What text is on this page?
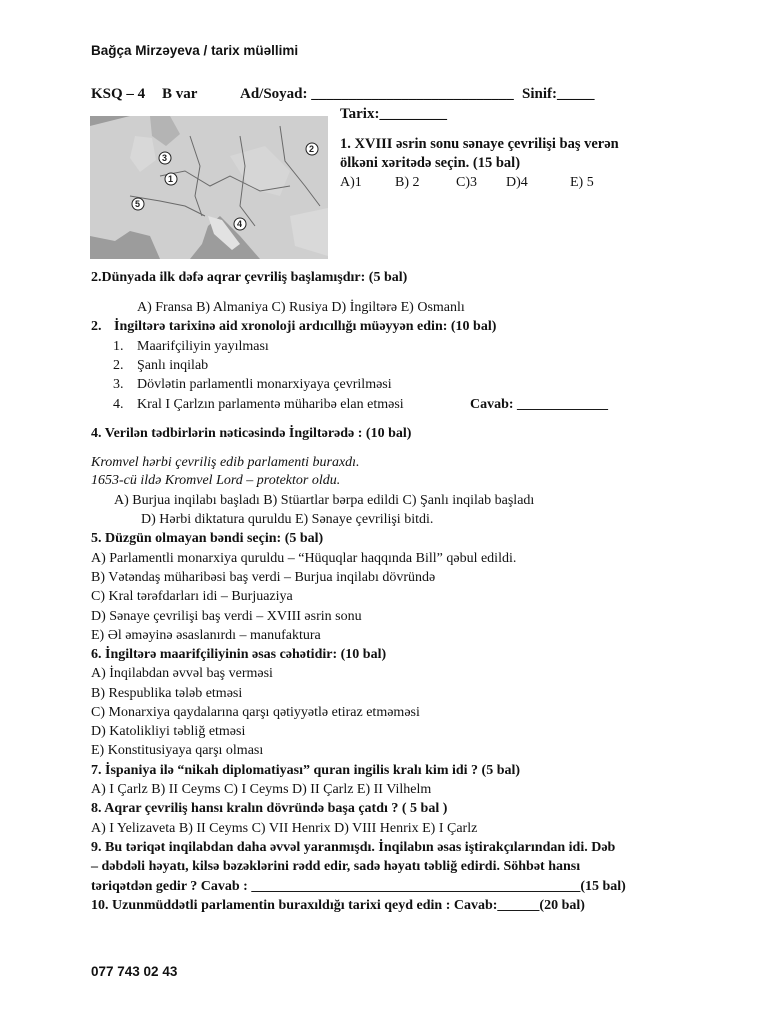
Bağça Mirzəyeva / tarix müəllimi
KSQ – 4 B var	Ad/Soyad: ___________________________ Sinif:_____
Tarix:_________
1
2
3
4
5
1. XVIII əsrin sonu sənaye çevrilişi baş verən
ölkəni xəritədə seçin. (15 bal)
A)1 B) 2	C)3 D)4	E) 5
2.Dünyada ilk dəfə aqrar çevriliş başlamışdır: (5 bal)
A) Fransa B) Almaniya C) Rusiya D) İngiltərə E) Osmanlı
2. İngiltərə tarixinə aid xronoloji ardıcıllığı müəyyən edin: (10 bal)
1. Maarifçiliyin yayılması
2. Şanlı inqilab
3. Dövlətin parlamentli monarxiyaya çevrilməsi
4. Kral I Çarlzın parlamentə müharibə elan etməsi	Cavab: _____________
4. Verilən tədbirlərin nəticəsində İngiltərədə : (10 bal)
Kromvel hərbi çevriliş edib parlamenti buraxdı.
1653-cü ildə Kromvel Lord – protektor oldu.
A) Burjua inqilabı başladı B) Stüartlar bərpa edildi C) Şanlı inqilab başladı
D) Hərbi diktatura quruldu E) Sənaye çevrilişi bitdi.
5. Düzgün olmayan bəndi seçin: (5 bal)
A) Parlamentli monarxiya quruldu – “Hüquqlar haqqında Bill” qəbul edildi.
B) Vətəndaş müharibəsi baş verdi – Burjua inqilabı dövründə
C) Kral tərəfdarları idi – Burjuaziya
D) Sənaye çevrilişi baş verdi – XVIII əsrin sonu
E) Əl əməyinə əsaslanırdı – manufaktura
6. İngiltərə maarifçiliyinin əsas cəhətidir: (10 bal)
A) İnqilabdan əvvəl baş verməsi
B) Respublika tələb etməsi
C) Monarxiya qaydalarına qarşı qətiyyətlə etiraz etməməsi
D) Katolikliyi təbliğ etməsi
E) Konstitusiyaya qarşı olması
7. İspaniya ilə “nikah diplomatiyası” quran ingilis kralı kim idi ? (5 bal)
A) I Çarlz B) II Ceyms C) I Ceyms D) II Çarlz E) II Vilhelm
8. Aqrar çevriliş hansı kralın dövründə başa çatdı ? ( 5 bal )
A) I Yelizaveta B) II Ceyms C) VII Henrix D) VIII Henrix E) I Çarlz
9. Bu təriqət inqilabdan daha əvvəl yaranmışdı. İnqilabın əsas iştirakçılarından idi. Dəb
– dəbdəli həyatı, kilsə bəzəklərini rədd edir, sadə həyatı təbliğ edirdi. Söhbət hansı
təriqətdən gedir ? Cavab : _______________________________________________(15 bal)
10. Uzunmüddətli parlamentin buraxıldığı tarixi qeyd edin : Cavab:______(20 bal)
077 743 02 43
